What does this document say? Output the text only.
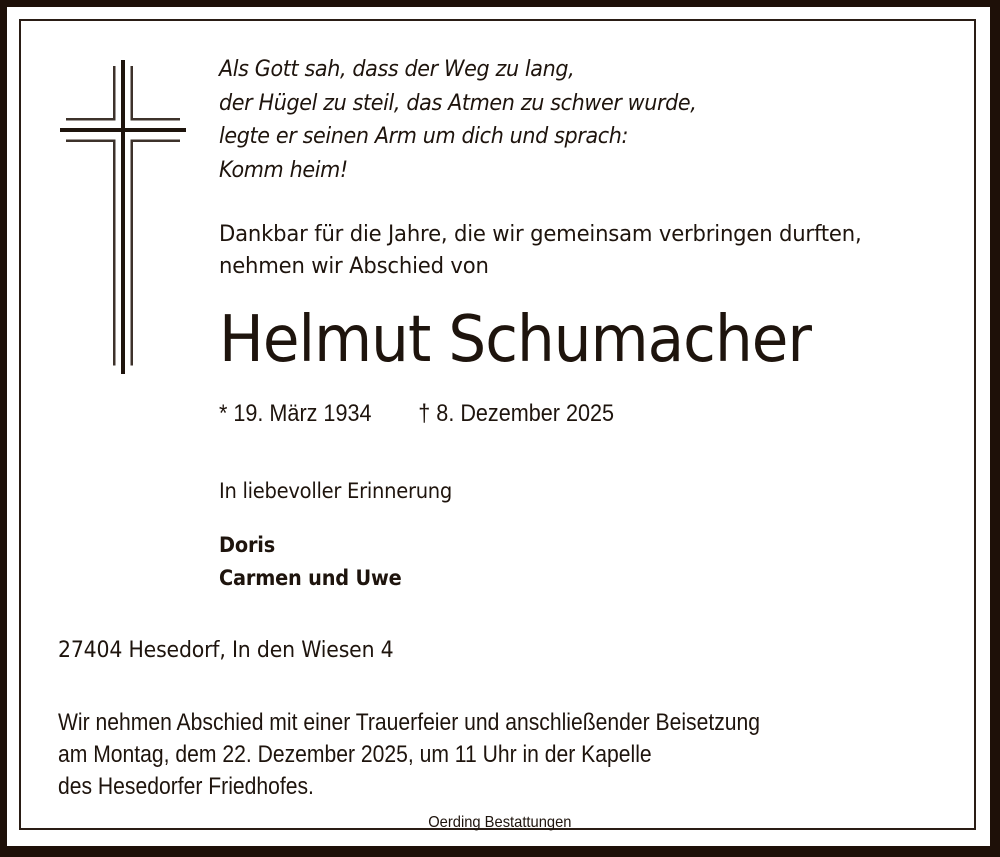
Als Gott sah, dass der Weg zu lang,
der Hügel zu steil, das Atmen zu schwer wurde,
legte er seinen Arm um dich und sprach:
Komm heim!
Dankbar für die Jahre, die wir gemeinsam verbringen durften,
nehmen wir Abschied von
Helmut Schumacher
* 19. März 1934 † 8. Dezember 2025
In liebevoller Erinnerung
Doris
Carmen und Uwe
27404 Hesedorf, In den Wiesen 4
Wir nehmen Abschied mit einer Trauerfeier und anschließender Beisetzung
am Montag, dem 22. Dezember 2025, um 11 Uhr in der Kapelle
des Hesedorfer Friedhofes.
Oerding Bestattungen
